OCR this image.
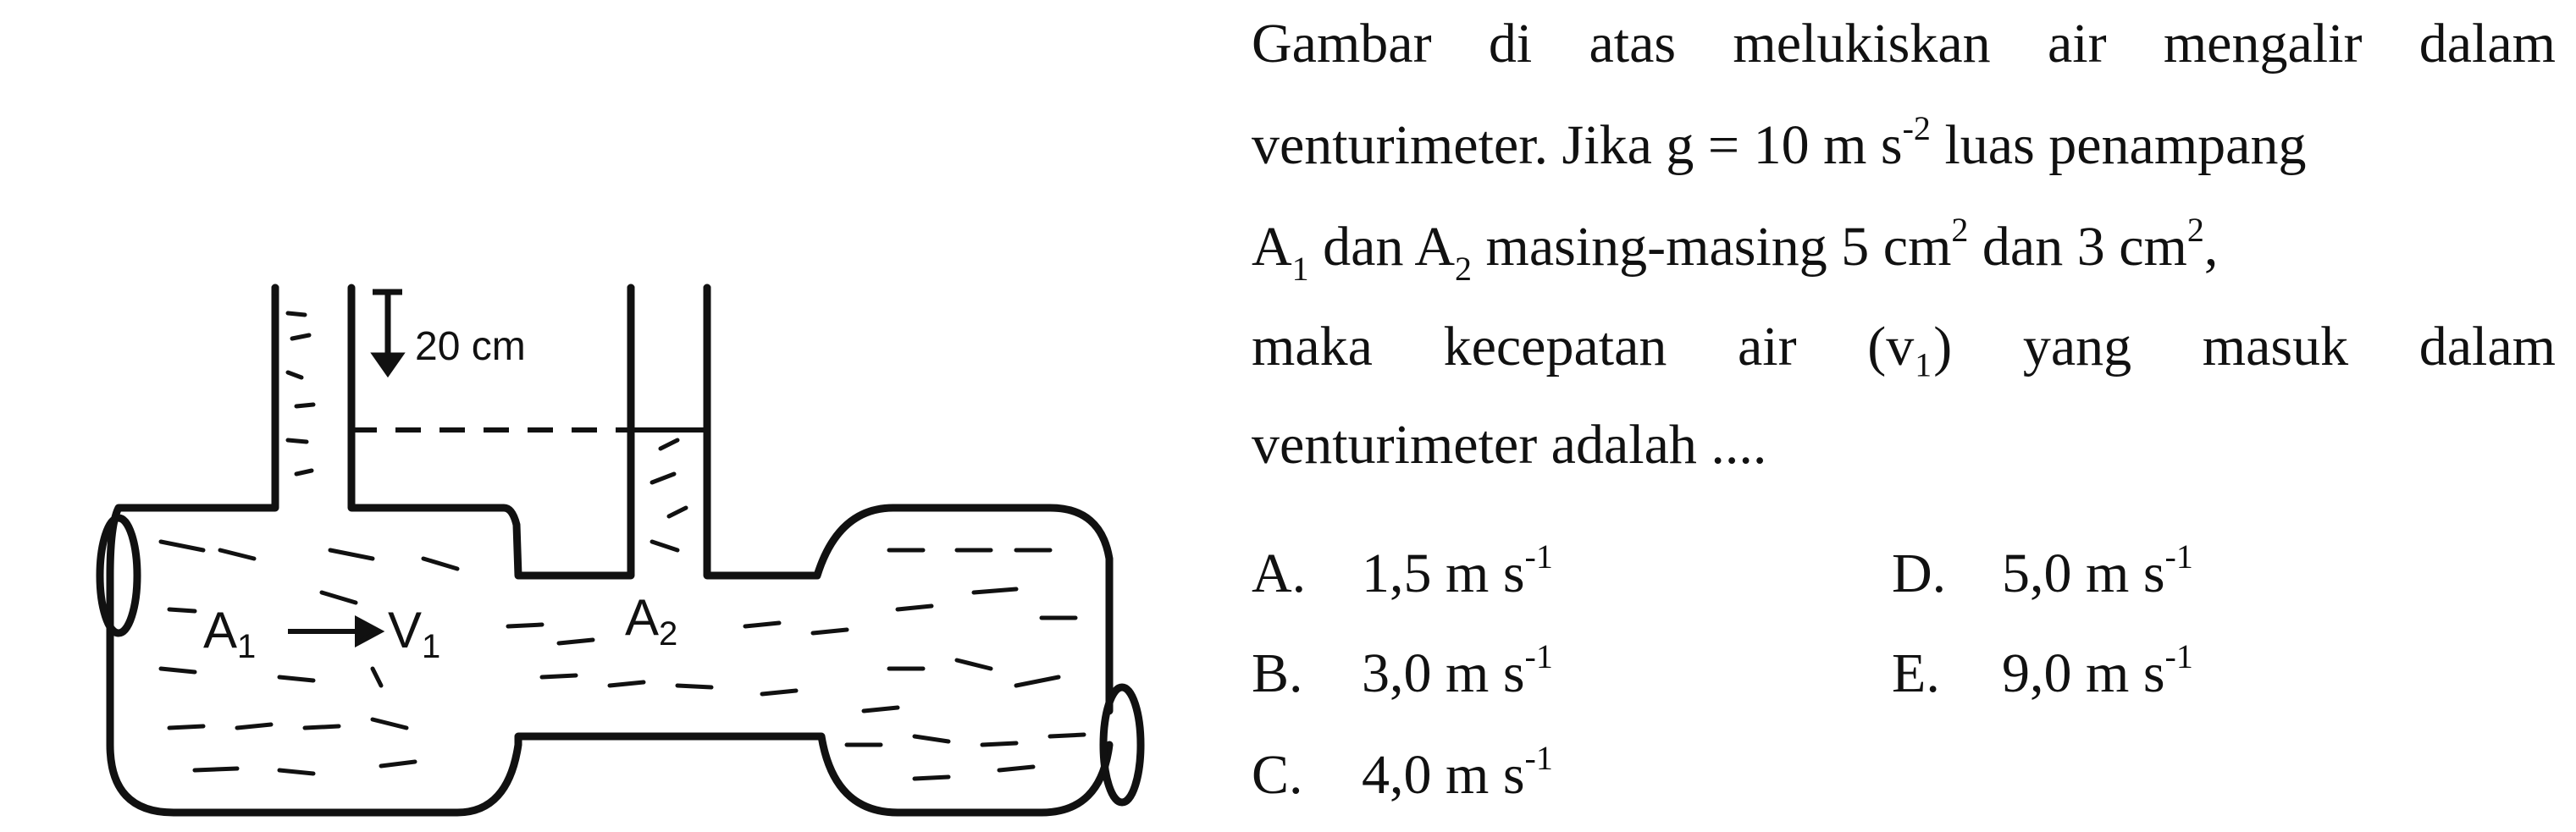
20 cm
$A_1$	$V_1$
$A_2$
Gambar di atas melukiskan air mengalir dalam
venturimeter. Jika g = 10 m $s^{-2}$ luas penampang
$A_1$ dan $A_2$ masing-masing 5 $cm^2$ dan 3 $cm^2$,
maka kecepatan air (v₁) yang masuk dalam
venturimeter adalah ....
A. 1,5 m $s^{-1}$
B. 3,0 m $s^{-1}$
C. 4,0 m $s^{-1}$
D. 5,0 m $s^{-1}$
E. 9,0 m $s^{-1}$
